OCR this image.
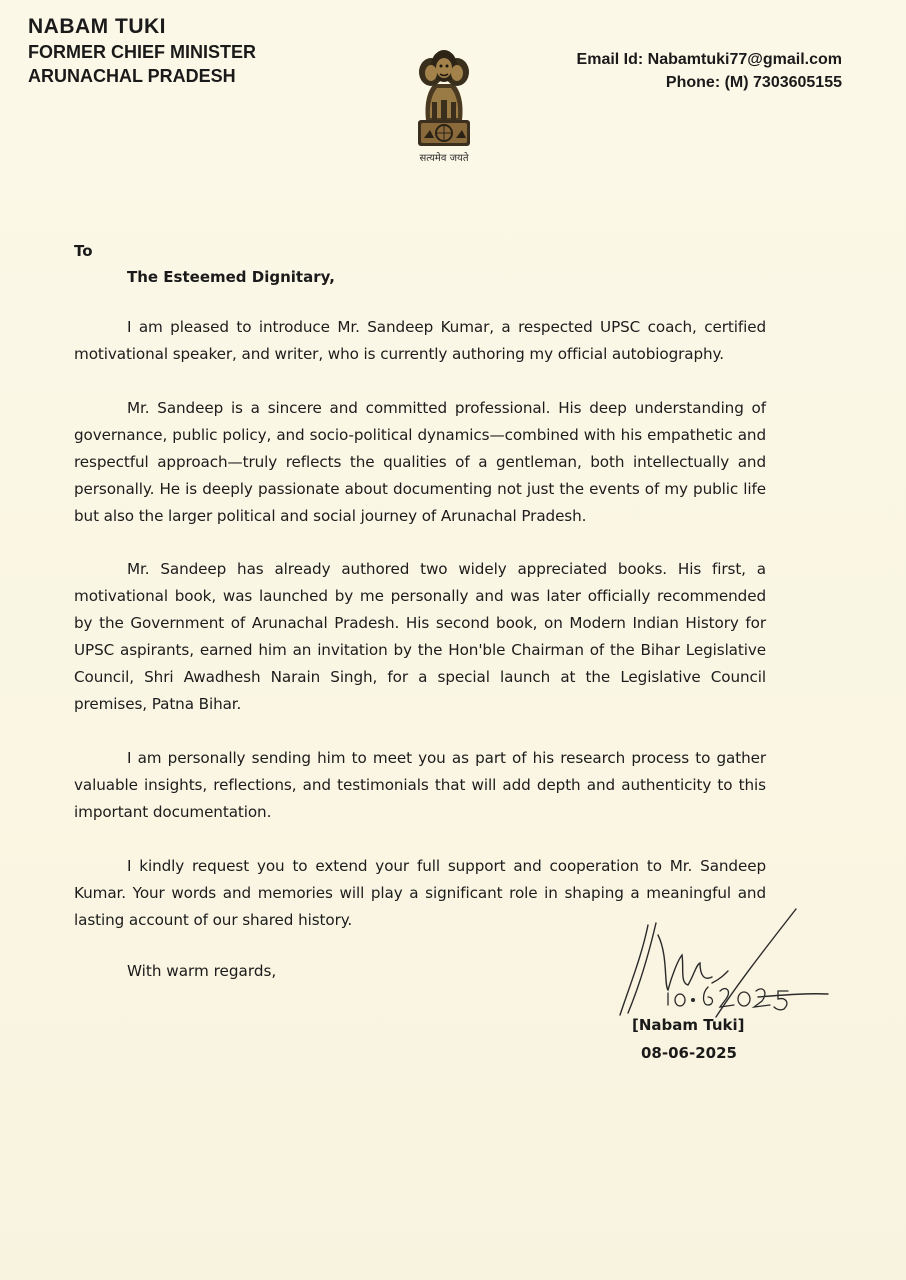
NABAM TUKI
FORMER CHIEF MINISTER
ARUNACHAL PRADESH
सत्यमेव जयते
Email Id: Nabamtuki77@gmail.com
Phone: (M) 7303605155
To
The Esteemed Dignitary,

I am pleased to introduce Mr. Sandeep Kumar, a respected UPSC coach, certified motivational speaker, and writer, who is currently authoring my official autobiography.

Mr. Sandeep is a sincere and committed professional. His deep understanding of governance, public policy, and socio-political dynamics—combined with his empathetic and respectful approach—truly reflects the qualities of a gentleman, both intellectually and personally. He is deeply passionate about documenting not just the events of my public life but also the larger political and social journey of Arunachal Pradesh.

Mr. Sandeep has already authored two widely appreciated books. His first, a motivational book, was launched by me personally and was later officially recommended by the Government of Arunachal Pradesh. His second book, on Modern Indian History for UPSC aspirants, earned him an invitation by the Hon'ble Chairman of the Bihar Legislative Council, Shri Awadhesh Narain Singh, for a special launch at the Legislative Council premises, Patna Bihar.

I am personally sending him to meet you as part of his research process to gather valuable insights, reflections, and testimonials that will add depth and authenticity to this important documentation.

I kindly request you to extend your full support and cooperation to Mr. Sandeep Kumar. Your words and memories will play a significant role in shaping a meaningful and lasting account of our shared history.

With warm regards,
[Nabam Tuki]
08-06-2025
